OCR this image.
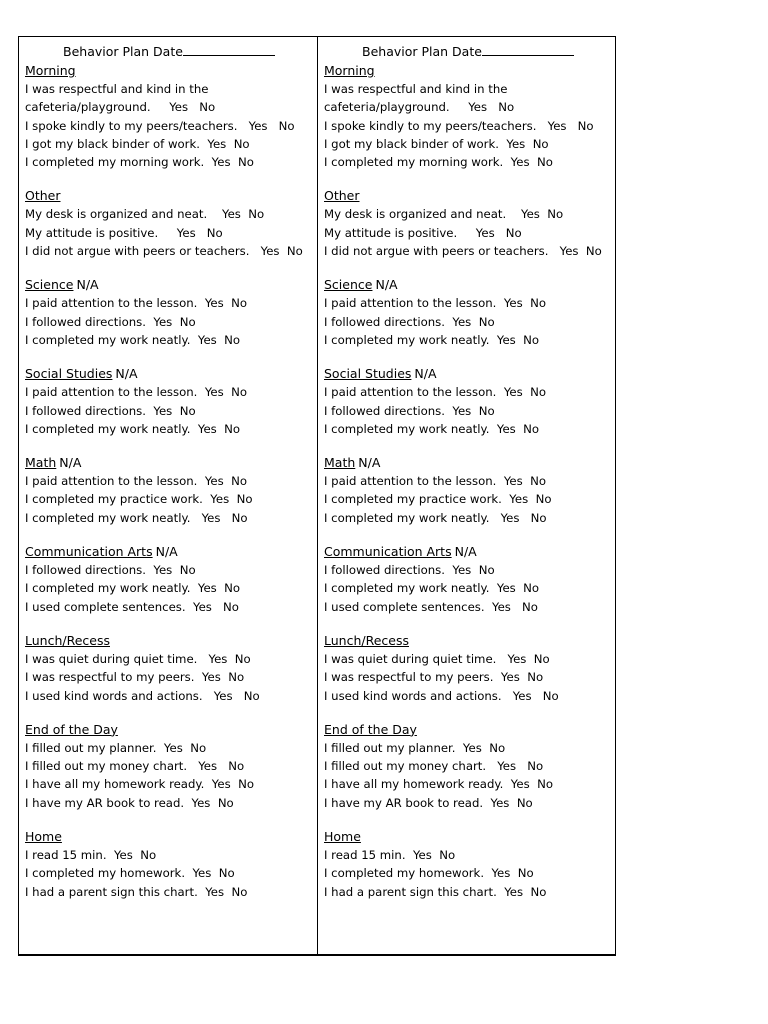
Behavior Plan Date
Morning
I was respectful and kind in the
cafeteria/playground.     Yes   No
I spoke kindly to my peers/teachers.   Yes   No
I got my black binder of work.  Yes  No
I completed my morning work.  Yes  No
Other
My desk is organized and neat.    Yes  No
My attitude is positive.     Yes   No
I did not argue with peers or teachers.   Yes  No
Science N/A
I paid attention to the lesson.  Yes  No
I followed directions.  Yes  No
I completed my work neatly.  Yes  No
Social Studies N/A
I paid attention to the lesson.  Yes  No
I followed directions.  Yes  No
I completed my work neatly.  Yes  No
Math N/A
I paid attention to the lesson.  Yes  No
I completed my practice work.  Yes  No
I completed my work neatly.   Yes   No
Communication Arts N/A
I followed directions.  Yes  No
I completed my work neatly.  Yes  No
I used complete sentences.  Yes   No
Lunch/Recess
I was quiet during quiet time.   Yes  No
I was respectful to my peers.  Yes  No
I used kind words and actions.   Yes   No
End of the Day
I filled out my planner.  Yes  No
I filled out my money chart.   Yes   No
I have all my homework ready.  Yes  No
I have my AR book to read.  Yes  No
Home
I read 15 min.  Yes  No
I completed my homework.  Yes  No
I had a parent sign this chart.  Yes  No
Behavior Plan Date
Morning
I was respectful and kind in the
cafeteria/playground.     Yes   No
I spoke kindly to my peers/teachers.   Yes   No
I got my black binder of work.  Yes  No
I completed my morning work.  Yes  No
Other
My desk is organized and neat.    Yes  No
My attitude is positive.     Yes   No
I did not argue with peers or teachers.   Yes  No
Science N/A
I paid attention to the lesson.  Yes  No
I followed directions.  Yes  No
I completed my work neatly.  Yes  No
Social Studies N/A
I paid attention to the lesson.  Yes  No
I followed directions.  Yes  No
I completed my work neatly.  Yes  No
Math N/A
I paid attention to the lesson.  Yes  No
I completed my practice work.  Yes  No
I completed my work neatly.   Yes   No
Communication Arts N/A
I followed directions.  Yes  No
I completed my work neatly.  Yes  No
I used complete sentences.  Yes   No
Lunch/Recess
I was quiet during quiet time.   Yes  No
I was respectful to my peers.  Yes  No
I used kind words and actions.   Yes   No
End of the Day
I filled out my planner.  Yes  No
I filled out my money chart.   Yes   No
I have all my homework ready.  Yes  No
I have my AR book to read.  Yes  No
Home
I read 15 min.  Yes  No
I completed my homework.  Yes  No
I had a parent sign this chart.  Yes  No
